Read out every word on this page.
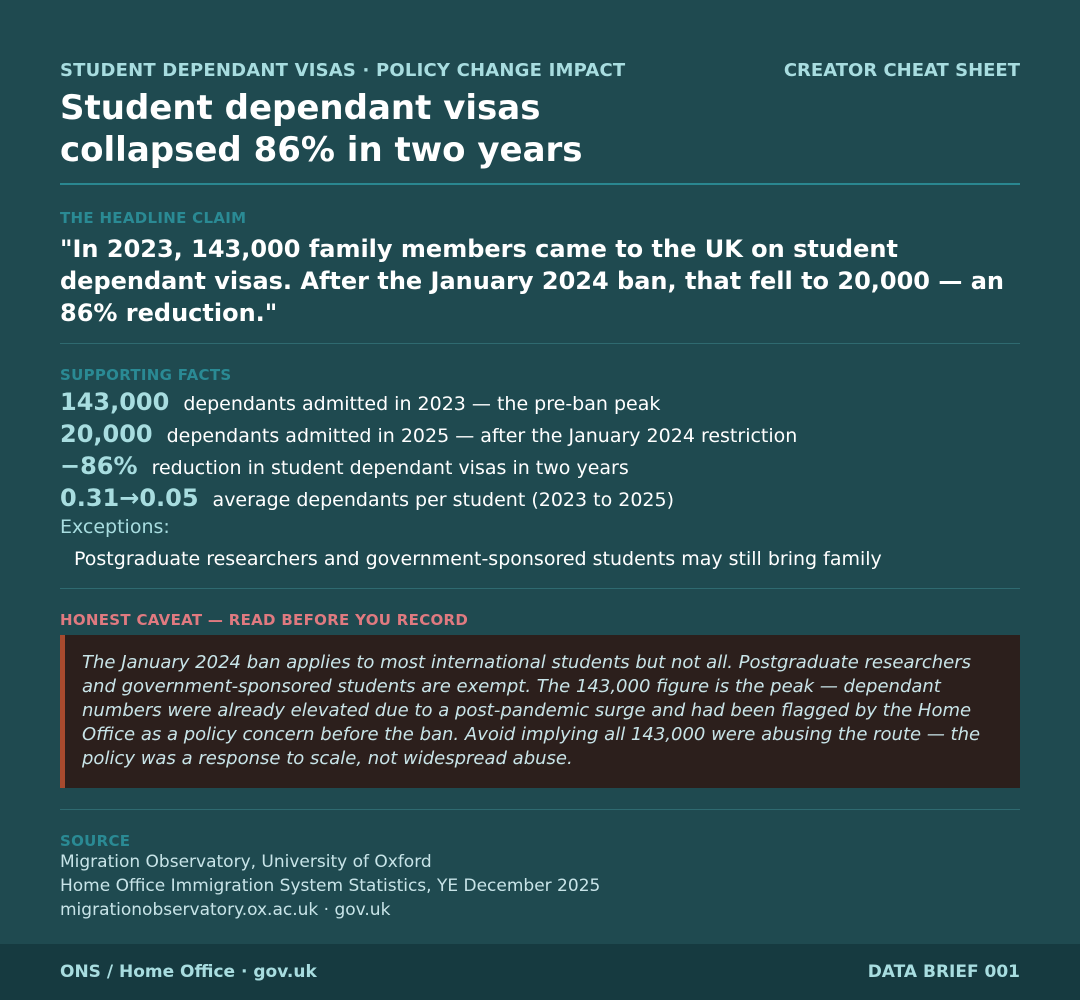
STUDENT DEPENDANT VISAS · POLICY CHANGE IMPACT	CREATOR CHEAT SHEET
Student dependant visas
collapsed 86% in two years
THE HEADLINE CLAIM
"In 2023, 143,000 family members came to the UK on student dependant visas. After the January 2024 ban, that fell to 20,000 — an 86% reduction."
SUPPORTING FACTS
143,000 dependants admitted in 2023 — the pre-ban peak
20,000 dependants admitted in 2025 — after the January 2024 restriction
−86% reduction in student dependant visas in two years
0.31→0.05 average dependants per student (2023 to 2025)
Exceptions:
Postgraduate researchers and government-sponsored students may still bring family
HONEST CAVEAT — READ BEFORE YOU RECORD
The January 2024 ban applies to most international students but not all. Postgraduate researchers and government-sponsored students are exempt. The 143,000 figure is the peak — dependant numbers were already elevated due to a post-pandemic surge and had been flagged by the Home Office as a policy concern before the ban. Avoid implying all 143,000 were abusing the route — the policy was a response to scale, not widespread abuse.
SOURCE
Migration Observatory, University of Oxford
Home Office Immigration System Statistics, YE December 2025
migrationobservatory.ox.ac.uk · gov.uk
ONS / Home Office · gov.uk	DATA BRIEF 001
